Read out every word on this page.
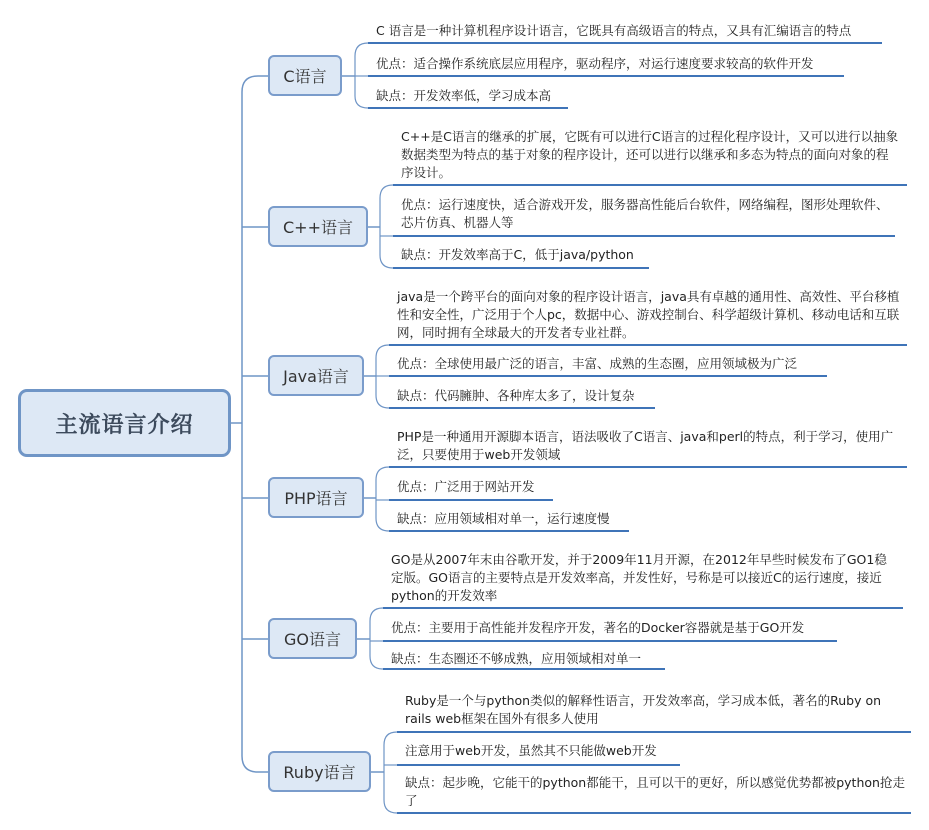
主流语言介绍
C语言
C++语言
Java语言
PHP语言
GO语言
Ruby语言
C 语言是一种计算机程序设计语言，它既具有高级语言的特点，又具有汇编语言的特点
优点：适合操作系统底层应用程序，驱动程序，对运行速度要求较高的软件开发
缺点：开发效率低，学习成本高
C++是C语言的继承的扩展，它既有可以进行C语言的过程化程序设计，又可以进行以抽象数据类型为特点的基于对象的程序设计，还可以进行以继承和多态为特点的面向对象的程序设计。
优点：运行速度快，适合游戏开发，服务器高性能后台软件，网络编程，图形处理软件、芯片仿真、机器人等
缺点：开发效率高于C，低于java/python
java是一个跨平台的面向对象的程序设计语言，java具有卓越的通用性、高效性、平台移植性和安全性，广泛用于个人pc，数据中心、游戏控制台、科学超级计算机、移动电话和互联网，同时拥有全球最大的开发者专业社群。
优点：全球使用最广泛的语言，丰富、成熟的生态圈，应用领域极为广泛
缺点：代码臃肿、各种库太多了，设计复杂
PHP是一种通用开源脚本语言，语法吸收了C语言、java和perl的特点，利于学习，使用广泛，只要使用于web开发领域
优点：广泛用于网站开发
缺点：应用领域相对单一，运行速度慢
GO是从2007年末由谷歌开发，并于2009年11月开源，在2012年早些时候发布了GO1稳定版。GO语言的主要特点是开发效率高，并发性好，号称是可以接近C的运行速度，接近python的开发效率
优点：主要用于高性能并发程序开发，著名的Docker容器就是基于GO开发
缺点：生态圈还不够成熟，应用领域相对单一
Ruby是一个与python类似的解释性语言，开发效率高，学习成本低，著名的Ruby on rails web框架在国外有很多人使用
注意用于web开发，虽然其不只能做web开发
缺点：起步晚，它能干的python都能干，且可以干的更好，所以感觉优势都被python抢走了
